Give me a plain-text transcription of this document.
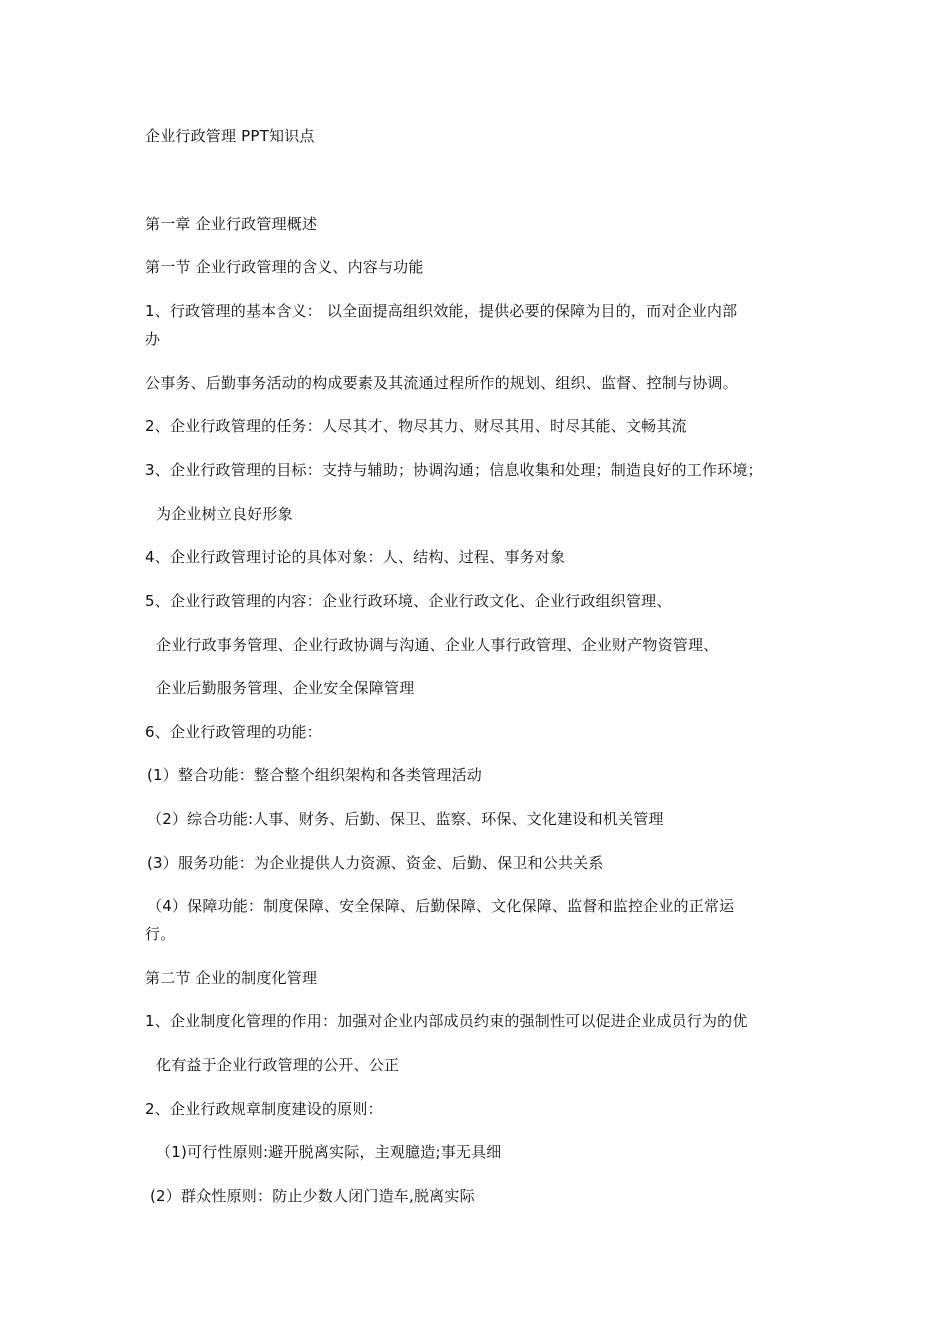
企业行政管理 PPT知识点
第一章 企业行政管理概述
第一节 企业行政管理的含义、内容与功能
1、行政管理的基本含义： 以全面提高组织效能，提供必要的保障为目的，而对企业内部
办
公事务、后勤事务活动的构成要素及其流通过程所作的规划、组织、监督、控制与协调。
2、企业行政管理的任务：人尽其才、物尽其力、财尽其用、时尽其能、文畅其流
3、企业行政管理的目标：支持与辅助；协调沟通；信息收集和处理；制造良好的工作环境；
为企业树立良好形象
4、企业行政管理讨论的具体对象：人、结构、过程、事务对象
5、企业行政管理的内容：企业行政环境、企业行政文化、企业行政组织管理、
企业行政事务管理、企业行政协调与沟通、企业人事行政管理、企业财产物资管理、
企业后勤服务管理、企业安全保障管理
6、企业行政管理的功能：
(1）整合功能：整合整个组织架构和各类管理活动
（2）综合功能:人事、财务、后勤、保卫、监察、环保、文化建设和机关管理
(3）服务功能：为企业提供人力资源、资金、后勤、保卫和公共关系
（4）保障功能：制度保障、安全保障、后勤保障、文化保障、监督和监控企业的正常运
行。
第二节 企业的制度化管理
1、企业制度化管理的作用：加强对企业内部成员约束的强制性可以促进企业成员行为的优
化有益于企业行政管理的公开、公正
2、企业行政规章制度建设的原则：
（1)可行性原则:避开脱离实际，主观臆造;事无具细
(2）群众性原则：防止少数人闭门造车,脱离实际
